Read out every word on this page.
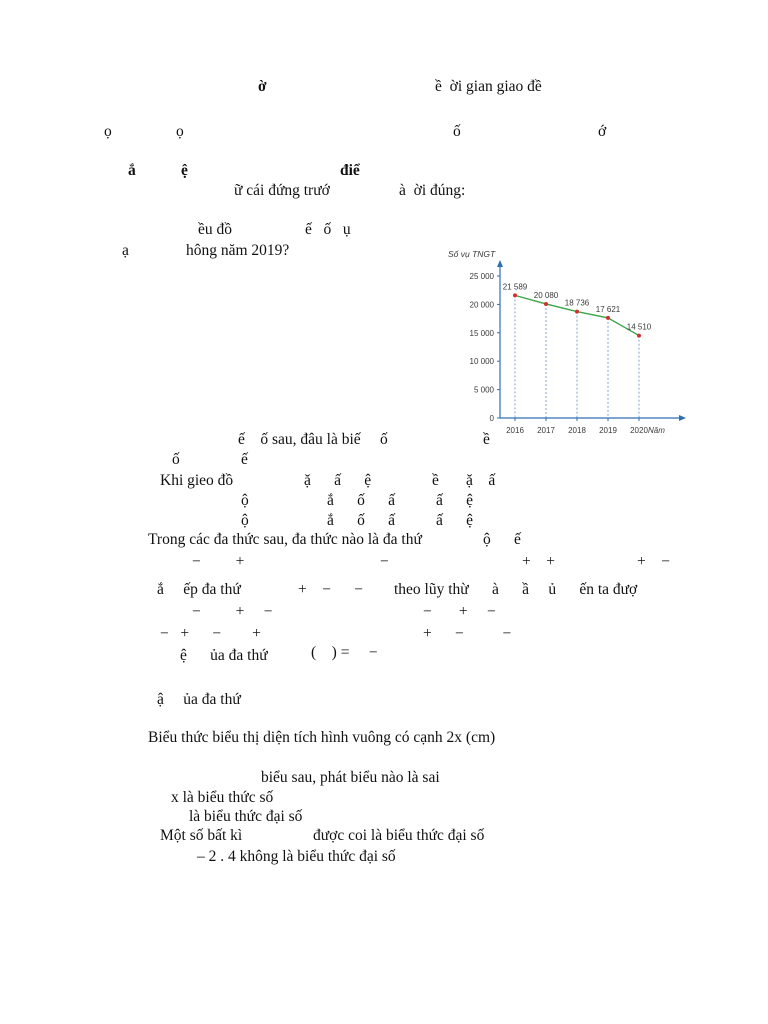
ờ	ề  ời gian giao đề
ọ	ọ	ố	ớ
ắ	ệ	điể
ữ cái đứng trướ	à  ời đúng:
ều đồ	ế   ố   ụ
ạ	hông năm 2019?
ế    ố sau, đâu là biế     ố	ề
ố	ế
Khi gieo đồ	ặ      ấ      ệ	ề       ặ    ấ
ộ	ắ      ố      ấ	ấ      ệ
ộ	ắ      ố      ấ	ấ      ệ
Trong các đa thức sau, đa thức nào là đa thứ	ộ      ế
−         +	−	+    +	+    −
ắ     ếp đa thứ	+    −      − theo lũy thừ      à      ầ     ủ      ến ta đượ
−         +     −	−       +     −
−   +      −        +	+      −          −
ệ      ủa đa thứ	(    ) =     −
ậ     ủa đa thứ
Biểu thức biểu thị diện tích hình vuông có cạnh 2x (cm)
biểu sau, phát biểu nào là sai
x là biểu thức số
là biểu thức đại số
Một số bất kì	được coi là biểu thức đại số
– 2 . 4 không là biểu thức đại số
Số vụ TNGT
Năm
0
5 000
10 000
15 000
20 000
25 000
2016 2017 2018 2019 2020
21 589
20 080
18 736
17 621
14 510
